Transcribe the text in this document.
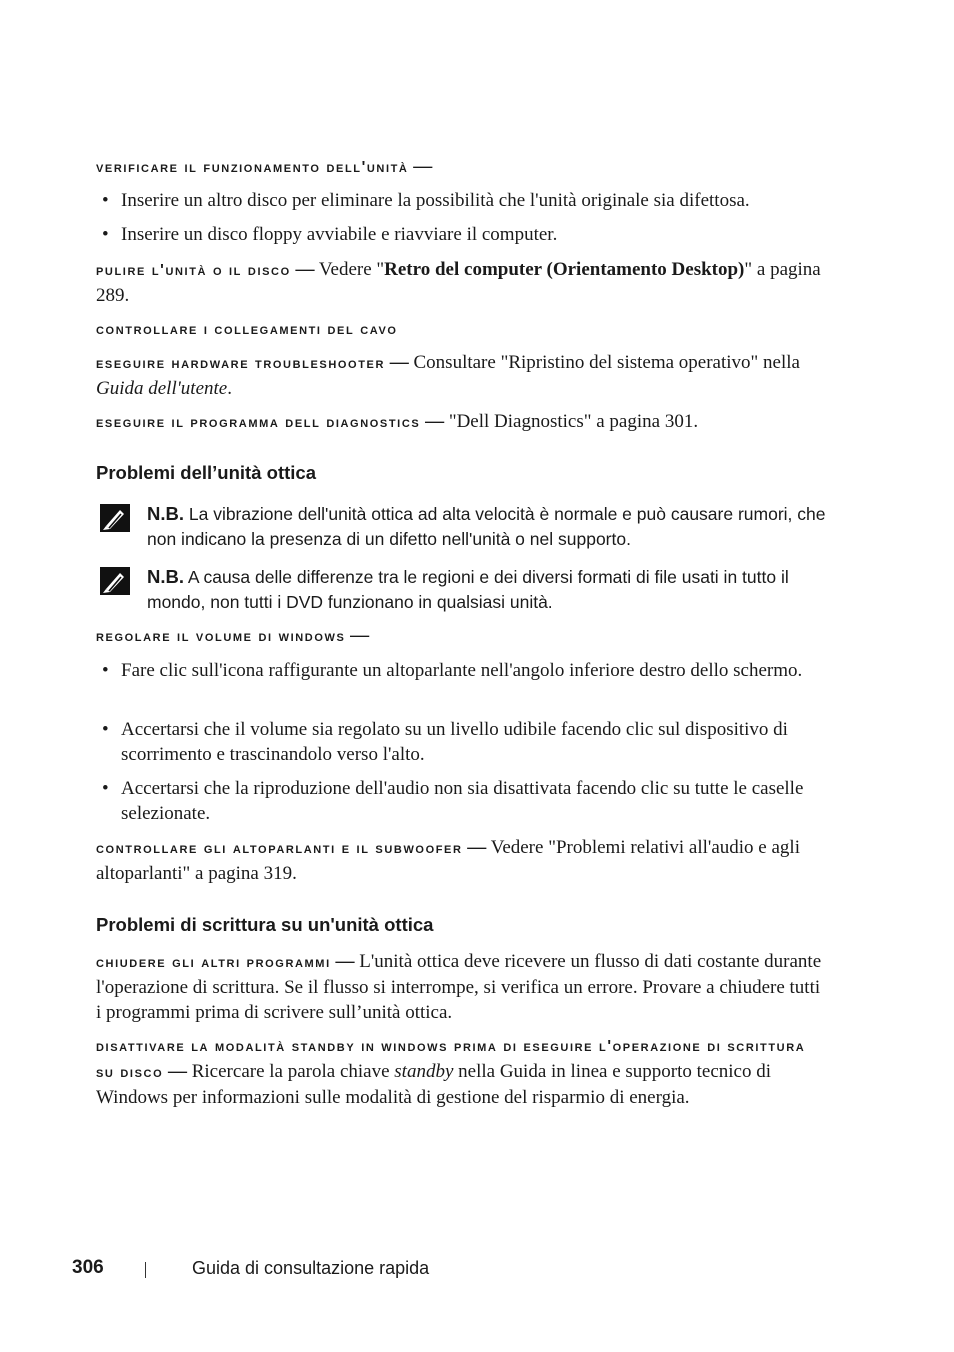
verificare il funzionamento dell'unità —
• Inserire un altro disco per eliminare la possibilità che l'unità originale sia difettosa.
• Inserire un disco floppy avviabile e riavviare il computer.
pulire l'unità o il disco — Vedere "Retro del computer (Orientamento Desktop)" a pagina 289.
controllare i collegamenti del cavo
eseguire hardware troubleshooter — Consultare "Ripristino del sistema operativo" nella Guida dell'utente.
eseguire il programma dell diagnostics — "Dell Diagnostics" a pagina 301.
Problemi dell’unità ottica
N.B. La vibrazione dell'unità ottica ad alta velocità è normale e può causare rumori, che non indicano la presenza di un difetto nell'unità o nel supporto.
N.B. A causa delle differenze tra le regioni e dei diversi formati di file usati in tutto il mondo, non tutti i DVD funzionano in qualsiasi unità.
regolare il volume di windows —
• Fare clic sull'icona raffigurante un altoparlante nell'angolo inferiore destro dello schermo.
• Accertarsi che il volume sia regolato su un livello udibile facendo clic sul dispositivo di scorrimento e trascinandolo verso l'alto.
• Accertarsi che la riproduzione dell'audio non sia disattivata facendo clic su tutte le caselle selezionate.
controllare gli altoparlanti e il subwoofer — Vedere "Problemi relativi all'audio e agli altoparlanti" a pagina 319.
Problemi di scrittura su un'unità ottica
chiudere gli altri programmi — L'unità ottica deve ricevere un flusso di dati costante durante l'operazione di scrittura. Se il flusso si interrompe, si verifica un errore. Provare a chiudere tutti i programmi prima di scrivere sull’unità ottica.
disattivare la modalità standby in windows prima di eseguire l'operazione di scrittura su disco — Ricercare la parola chiave standby nella Guida in linea e supporto tecnico di Windows per informazioni sulle modalità di gestione del risparmio di energia.
306	Guida di consultazione rapida
